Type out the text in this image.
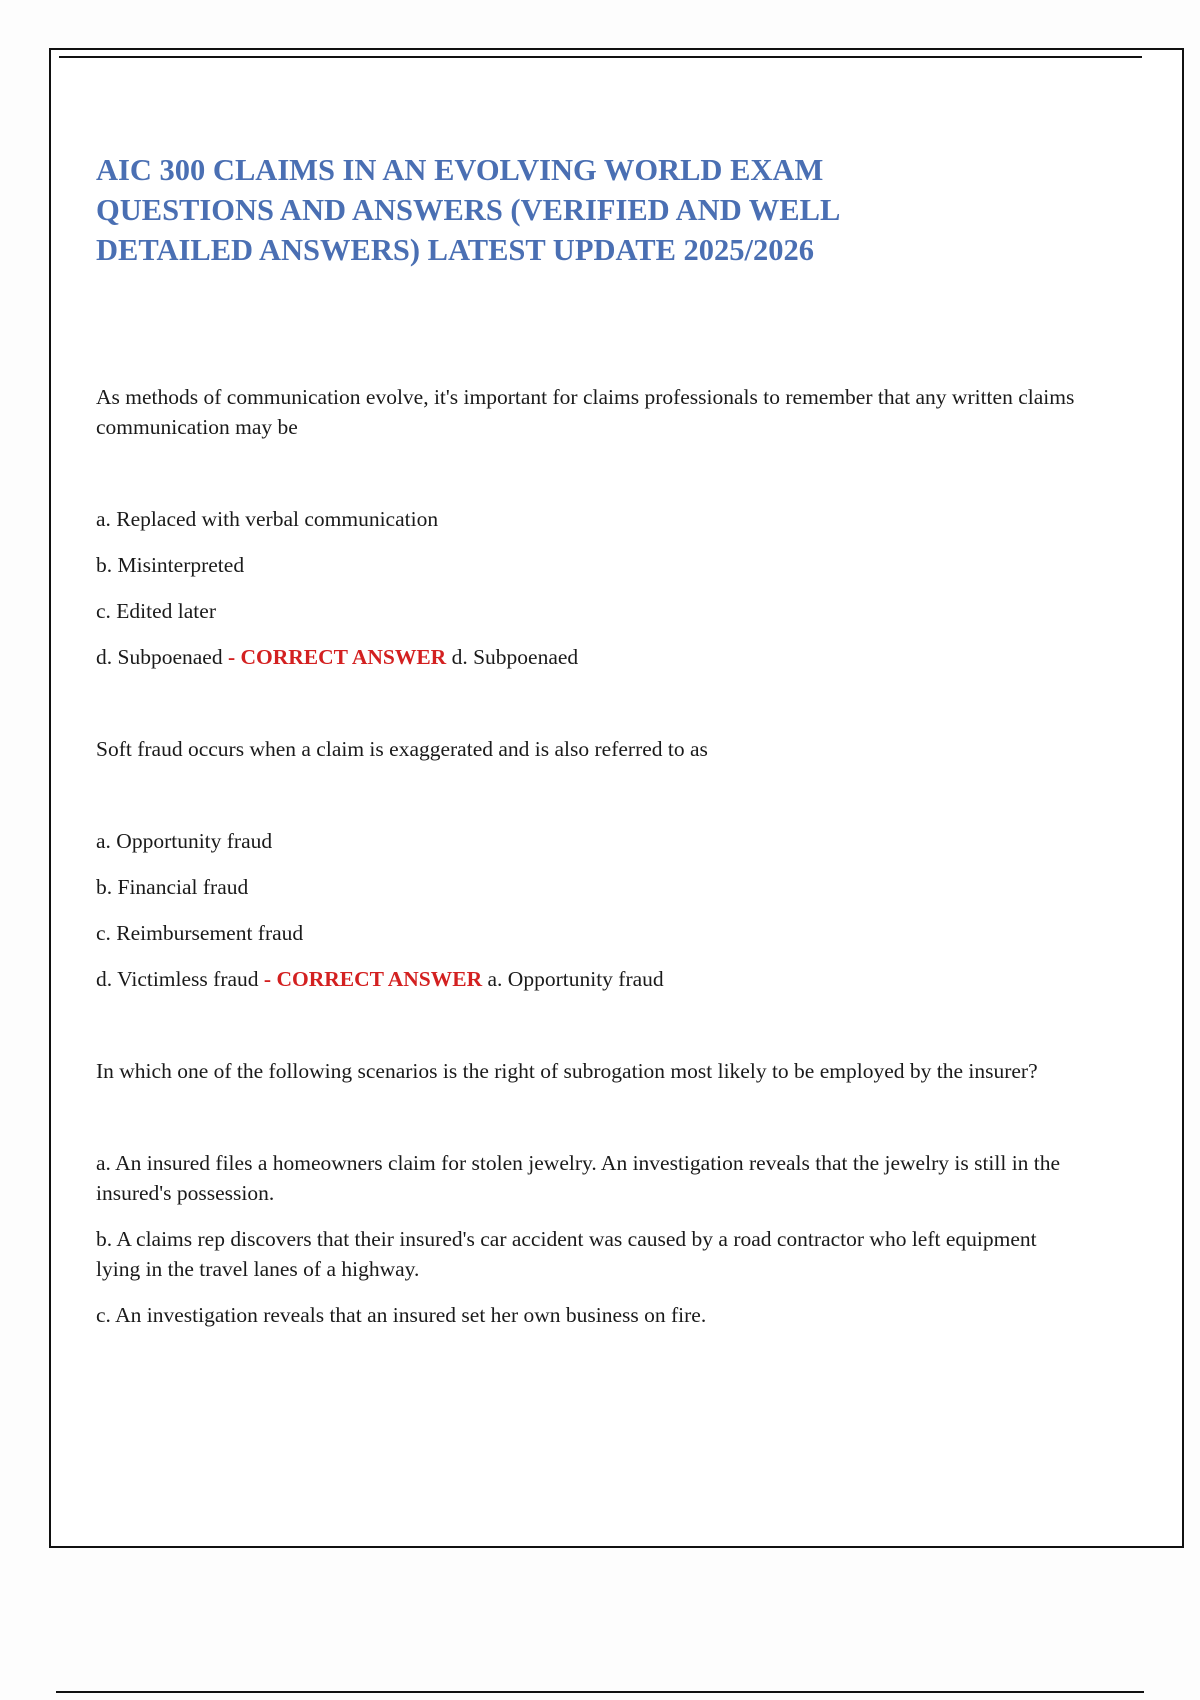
AIC 300 CLAIMS IN AN EVOLVING WORLD EXAM QUESTIONS AND ANSWERS (VERIFIED AND WELL DETAILED ANSWERS) LATEST UPDATE 2025/2026

As methods of communication evolve, it's important for claims professionals to remember that any written claims communication may be

a. Replaced with verbal communication

b. Misinterpreted

c. Edited later

d. Subpoenaed - CORRECT ANSWER d. Subpoenaed

Soft fraud occurs when a claim is exaggerated and is also referred to as

a. Opportunity fraud

b. Financial fraud

c. Reimbursement fraud

d. Victimless fraud - CORRECT ANSWER a. Opportunity fraud

In which one of the following scenarios is the right of subrogation most likely to be employed by the insurer?

a. An insured files a homeowners claim for stolen jewelry. An investigation reveals that the jewelry is still in the insured's possession.

b. A claims rep discovers that their insured's car accident was caused by a road contractor who left equipment lying in the travel lanes of a highway.

c. An investigation reveals that an insured set her own business on fire.
